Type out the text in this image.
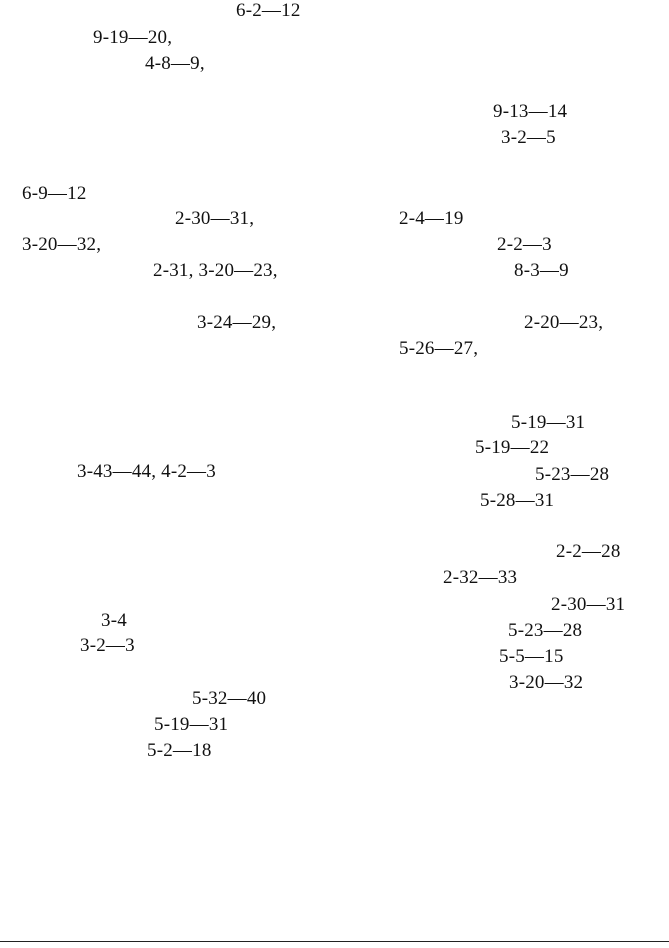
6-2—12
9-19—20,
4-8—9,
6-9—12
2-30—31,
3-20—32,
2-31, 3-20—23,
3-24—29,
3-43—44, 4-2—3
3-4
3-2—3
5-32—40
5-19—31
5-2—18
9-13—14
3-2—5
2-4—19
2-2—3
8-3—9
2-20—23,
5-26—27,
5-19—31
5-19—22
5-23—28
5-28—31
2-2—28
2-32—33
2-30—31
5-23—28
5-5—15
3-20—32
